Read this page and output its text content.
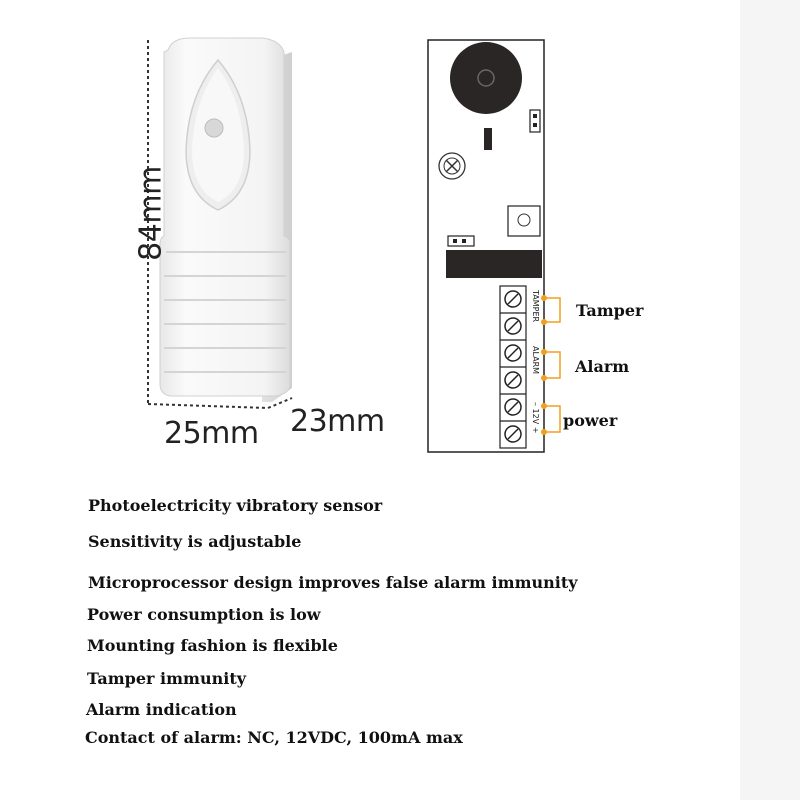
84mm
25mm 23mm
TAMPER
ALARM
– 12V +
Tamper
Alarm
power
Photoelectricity vibratory sensor
Sensitivity is adjustable
Microprocessor design improves false alarm immunity
Power consumption is low
Mounting fashion is flexible
Tamper immunity
Alarm indication
Contact of alarm: NC, 12VDC, 100mA max
